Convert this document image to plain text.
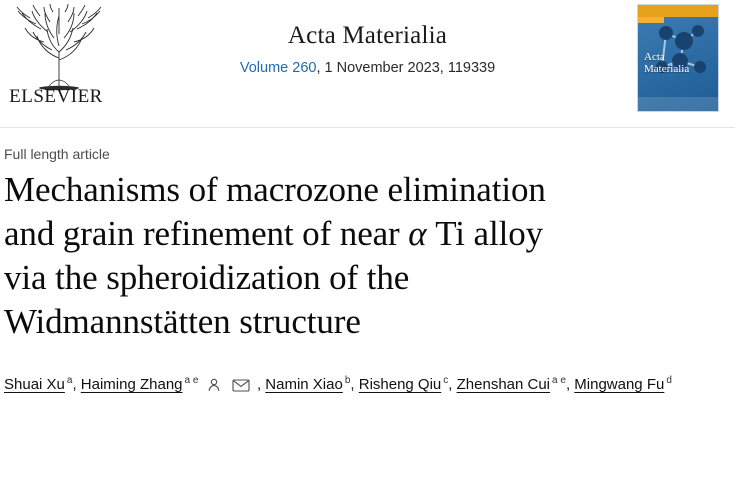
ELSEVIER
Acta Materialia
Volume 260, 1 November 2023, 119339
Acta
Materialia
Full length article
Mechanisms of macrozone elimination
and grain refinement of near α Ti alloy
via the spheroidization of the
Widmannstätten structure
Shuai Xu $^a$, Haiming Zhang $^{a e}$
	, Namin Xiao $^b$, Risheng Qiu $^c$, Zhenshan Cui $^{a e}$, Mingwang Fu $^d$
